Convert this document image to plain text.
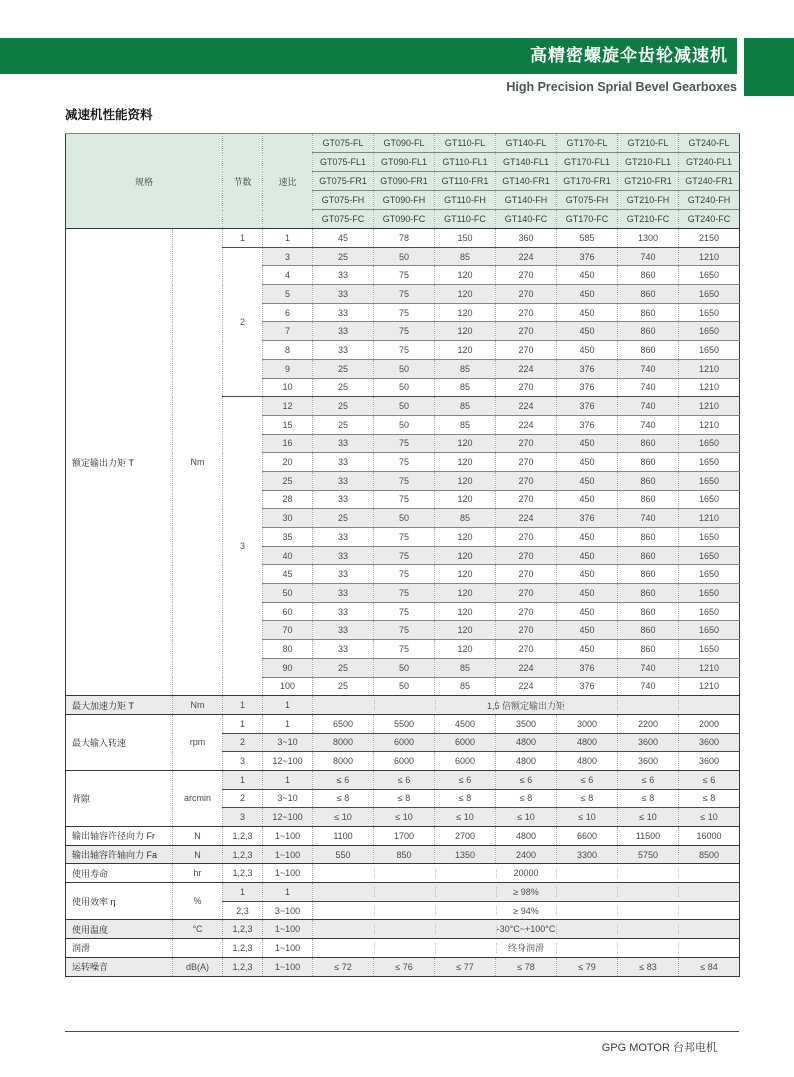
高精密螺旋伞齿轮减速机
High Precision Sprial Bevel Gearboxes
减速机性能资料
规格		节数	速比	GT075-FL	GT090-FL	GT110-FL	GT140-FL	GT170-FL	GT210-FL	GT240-FL
				GT075-FL1	GT090-FL1	GT110-FL1	GT140-FL1	GT170-FL1	GT210-FL1	GT240-FL1
				GT075-FR1	GT090-FR1	GT110-FR1	GT140-FR1	GT170-FR1	GT210-FR1	GT240-FR1
				GT075-FH	GT090-FH	GT110-FH	GT140-FH	GT075-FH	GT210-FH	GT240-FH
				GT075-FC	GT090-FC	GT110-FC	GT140-FC	GT170-FC	GT210-FC	GT240-FC
额定输出力矩 T	Nm	1	1	45	78	150	360	585	1300	2150
		2	3	25	50	85	224	376	740	1210
			4	33	75	120	270	450	860	1650
			5	33	75	120	270	450	860	1650
			6	33	75	120	270	450	860	1650
			7	33	75	120	270	450	860	1650
			8	33	75	120	270	450	860	1650
			9	25	50	85	224	376	740	1210
			10	25	50	85	270	376	740	1210
		3	12	25	50	85	224	376	740	1210
			15	25	50	85	224	376	740	1210
			16	33	75	120	270	450	860	1650
			20	33	75	120	270	450	860	1650
			25	33	75	120	270	450	860	1650
			28	33	75	120	270	450	860	1650
			30	25	50	85	224	376	740	1210
			35	33	75	120	270	450	860	1650
			40	33	75	120	270	450	860	1650
			45	33	75	120	270	450	860	1650
			50	33	75	120	270	450	860	1650
			60	33	75	120	270	450	860	1650
			70	33	75	120	270	450	860	1650
			80	33	75	120	270	450	860	1650
			90	25	50	85	224	376	740	1210
			100	25	50	85	224	376	740	1210
最大加速力矩 T	Nm	1	1	1,5 倍额定输出力矩						
最大输入转速	rpm	1	1	6500	5500	4500	3500	3000	2200	2000
		2	3~10	8000	6000	6000	4800	4800	3600	3600
		3	12~100	8000	6000	6000	4800	4800	3600	3600
背隙	arcmin	1	1	≤ 6	≤ 6	≤ 6	≤ 6	≤ 6	≤ 6	≤ 6
		2	3~10	≤ 8	≤ 8	≤ 8	≤ 8	≤ 8	≤ 8	≤ 8
		3	12~100	≤ 10	≤ 10	≤ 10	≤ 10	≤ 10	≤ 10	≤ 10
输出轴容许径向力 Fr	N	1,2,3	1~100	1100	1700	2700	4800	6600	11500	16000
输出轴容许轴向力 Fa	N	1,2,3	1~100	550	850	1350	2400	3300	5750	8500
使用寿命	hr	1,2,3	1~100	20000						
使用效率 η	%	1	1	≥ 98%						
		2,3	3~100	≥ 94%						
使用温度	°C	1,2,3	1~100	-30°C~+100°C						
润滑		1,2,3	1~100	终身润滑						
运转噪音	dB(A)	1,2,3	1~100	≤ 72	≤ 76	≤ 77	≤ 78	≤ 79	≤ 83	≤ 84
GPG MOTOR 台邦电机
